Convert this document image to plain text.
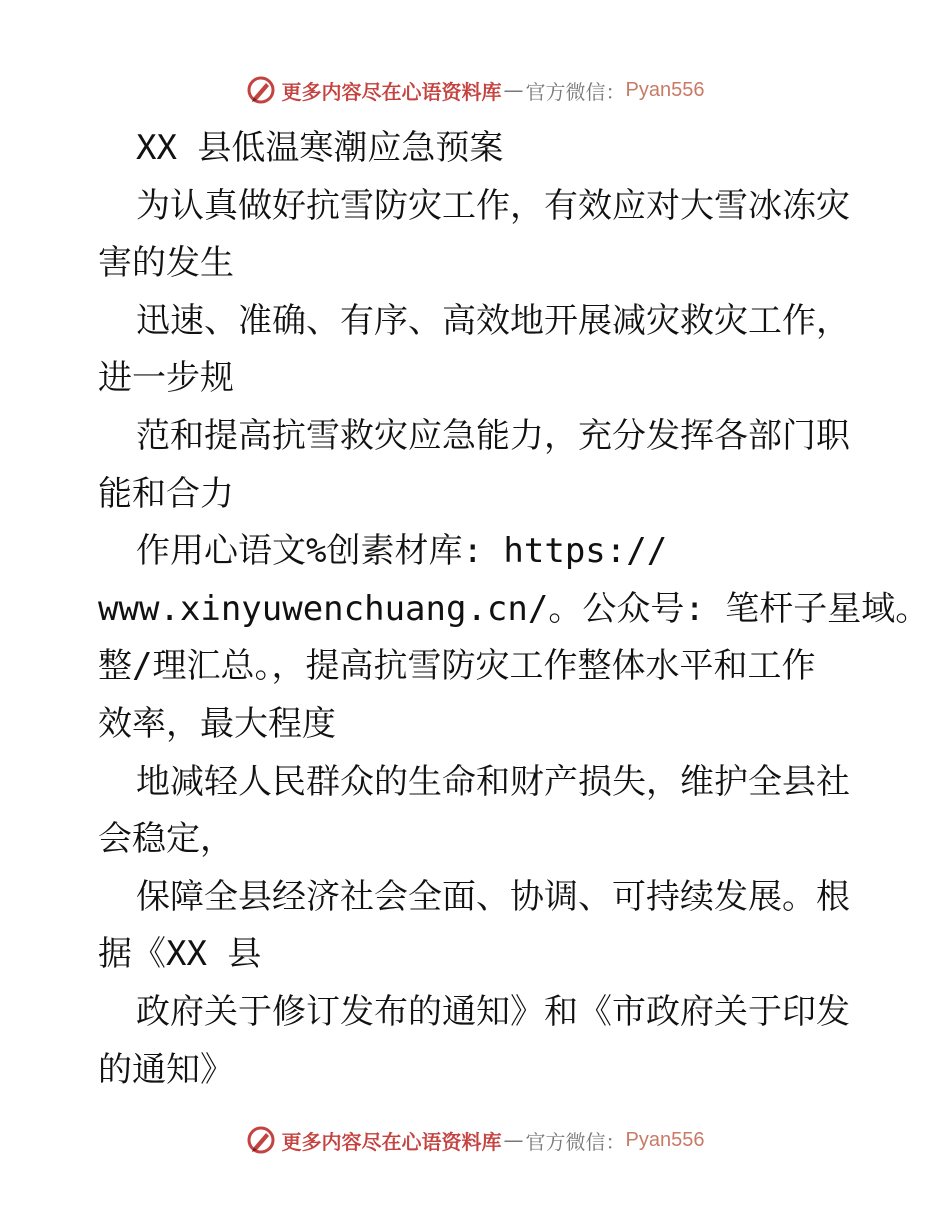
更多内容尽在心语资料库 — 官方微信： Pyan556
XX 县低温寒潮应急预案
为认真做好抗雪防灾工作，有效应对大雪冰冻灾
害的发生
迅速、准确、有序、高效地开展减灾救灾工作，
进一步规
范和提高抗雪救灾应急能力，充分发挥各部门职
能和合力
作用心语文%创素材库: https://
www.xinyuwenchuang.cn/。公众号: 笔杆子星域。
整/理汇总。，提高抗雪防灾工作整体水平和工作
效率，最大程度
地减轻人民群众的生命和财产损失，维护全县社
会稳定，
保障全县经济社会全面、协调、可持续发展。根
据《XX 县
政府关于修订发布的通知》和《市政府关于印发
的通知》
更多内容尽在心语资料库 — 官方微信： Pyan556
